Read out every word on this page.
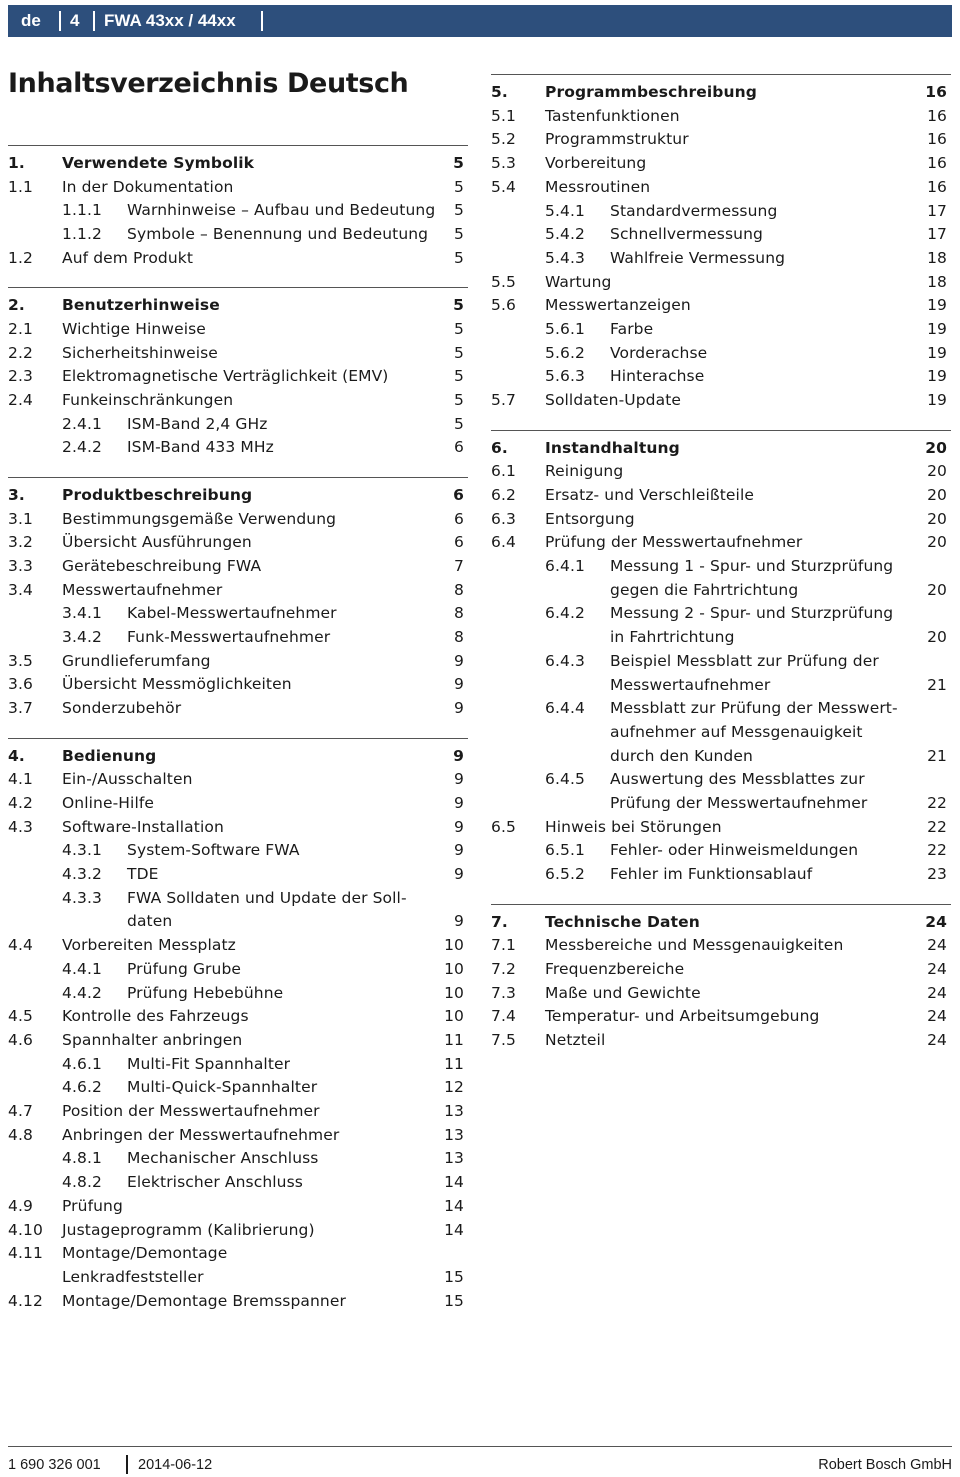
de 4 FWA 43xx / 44xx
Inhaltsverzeichnis Deutsch
1. Verwendete Symbolik	5
1.1 In der Dokumentation	5
1.1.1 Warnhinweise – Aufbau und Bedeutung 5
1.1.2 Symbole – Benennung und Bedeutung 5
1.2 Auf dem Produkt	5
2. Benutzerhinweise	5
2.1 Wichtige Hinweise	5
2.2 Sicherheitshinweise	5
2.3 Elektromagnetische Verträglichkeit (EMV)	5
2.4 Funkeinschränkungen	5
2.4.1 ISM-Band 2,4 GHz	5
2.4.2 ISM-Band 433 MHz	6
3. Produktbeschreibung	6
3.1 Bestimmungsgemäße Verwendung	6
3.2 Übersicht Ausführungen	6
3.3 Gerätebeschreibung FWA	7
3.4 Messwertaufnehmer	8
3.4.1 Kabel-Messwertaufnehmer	8
3.4.2 Funk-Messwertaufnehmer	8
3.5 Grundlieferumfang	9
3.6 Übersicht Messmöglichkeiten	9
3.7 Sonderzubehör	9
4. Bedienung	9
4.1 Ein-/Ausschalten	9
4.2 Online-Hilfe	9
4.3 Software-Installation	9
4.3.1 System-Software FWA	9
4.3.2 TDE	9
4.3.3 FWA Solldaten und Update der Soll-
daten	9
4.4 Vorbereiten Messplatz	10
4.4.1 Prüfung Grube	10
4.4.2 Prüfung Hebebühne	10
4.5 Kontrolle des Fahrzeugs	10
4.6 Spannhalter anbringen	11
4.6.1 Multi-Fit Spannhalter	11
4.6.2 Multi-Quick-Spannhalter	12
4.7 Position der Messwertaufnehmer	13
4.8 Anbringen der Messwertaufnehmer	13
4.8.1 Mechanischer Anschluss	13
4.8.2 Elektrischer Anschluss	14
4.9 Prüfung	14
4.10 Justageprogramm (Kalibrierung)	14
4.11 Montage/Demontage
Lenkradfeststeller	15
4.12 Montage/Demontage Bremsspanner	15
5. Programmbeschreibung	16
5.1 Tastenfunktionen	16
5.2 Programmstruktur	16
5.3 Vorbereitung	16
5.4 Messroutinen	16
5.4.1 Standardvermessung	17
5.4.2 Schnellvermessung	17
5.4.3 Wahlfreie Vermessung	18
5.5 Wartung	18
5.6 Messwertanzeigen	19
5.6.1 Farbe	19
5.6.2 Vorderachse	19
5.6.3 Hinterachse	19
5.7 Solldaten-Update	19
6. Instandhaltung	20
6.1 Reinigung	20
6.2 Ersatz- und Verschleißteile	20
6.3 Entsorgung	20
6.4 Prüfung der Messwertaufnehmer	20
6.4.1 Messung 1 - Spur- und Sturzprüfung
gegen die Fahrtrichtung	20
6.4.2 Messung 2 - Spur- und Sturzprüfung
in Fahrtrichtung	20
6.4.3 Beispiel Messblatt zur Prüfung der
Messwertaufnehmer	21
6.4.4 Messblatt zur Prüfung der Messwert-
aufnehmer auf Messgenauigkeit
durch den Kunden	21
6.4.5 Auswertung des Messblattes zur
Prüfung der Messwertaufnehmer	22
6.5 Hinweis bei Störungen	22
6.5.1 Fehler- oder Hinweismeldungen	22
6.5.2 Fehler im Funktionsablauf	23
7. Technische Daten	24
7.1 Messbereiche und Messgenauigkeiten	24
7.2 Frequenzbereiche	24
7.3 Maße und Gewichte	24
7.4 Temperatur- und Arbeitsumgebung	24
7.5 Netzteil	24
1 690 326 001	2014-06-12	Robert Bosch GmbH
